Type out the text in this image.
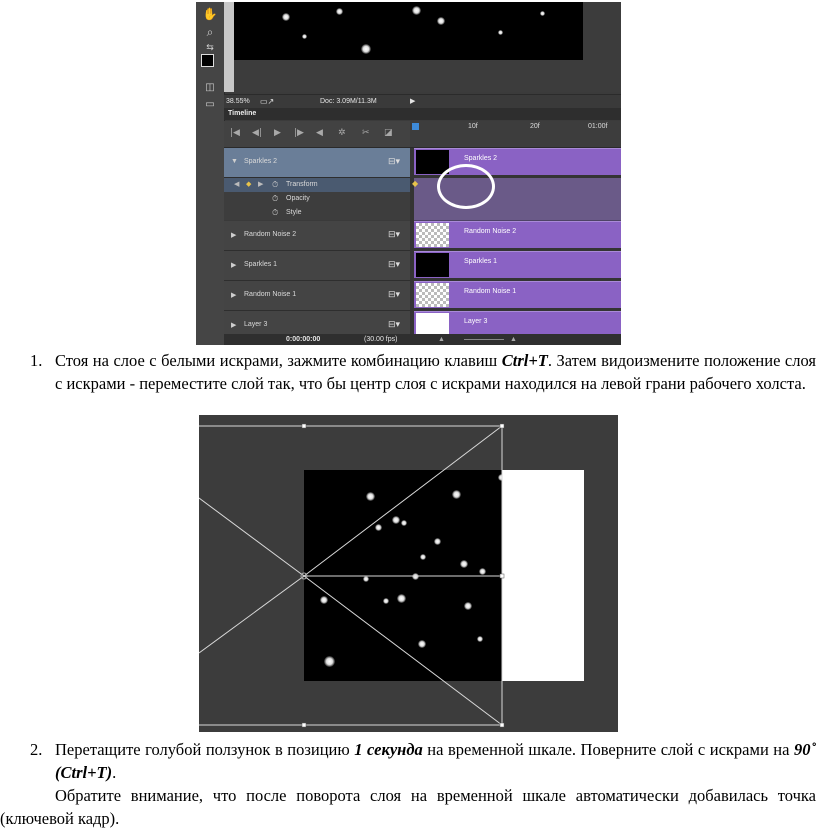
✋
⌕
⇆
◫
▭	38.55% ▭↗	Doc: 3.09M/11.3M	▶
Timeline
|◀ ◀| ▶ |▶ ◀ ✲ ✂ ◪
10f	20f	01:00f
▼ Sparkles 2	⊟▾
◀ ◆ ▶ ⏱ Transform
⏱ Opacity
⏱ Style
▶ Random Noise 2	⊟▾
▶ Sparkles 1	⊟▾
▶ Random Noise 1	⊟▾
▶ Layer 3	⊟▾
Sparkles 2
◆
Random Noise 2
Sparkles 1
Random Noise 1
Layer 3
0:00:00:00	(30.00 fps)	▲	▲
1. Стоя на слое с белыми искрами, зажмите комбинацию клавиш Ctrl+T. Затем видоизмените положение слоя с искрами - переместите слой так, что бы центр слоя с искрами находился на левой грани рабочего холста.
2. Перетащите голубой ползунок в позицию 1 секунда на временной шкале. Поверните слой с искрами на 90˚ (Ctrl+T).
Обратите внимание, что после поворота слоя на временной шкале автоматически добавилась точка (ключевой кадр).
